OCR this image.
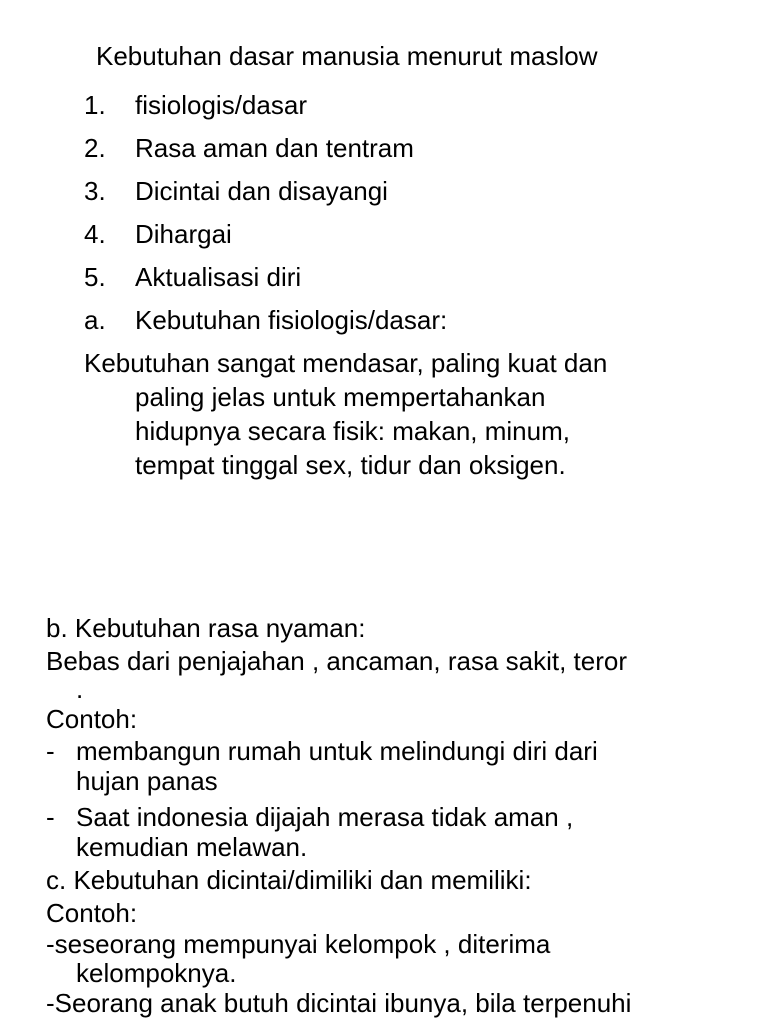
Kebutuhan dasar manusia menurut maslow
1. fisiologis/dasar
2. Rasa aman dan tentram
3. Dicintai dan disayangi
4. Dihargai
5. Aktualisasi diri
a. Kebutuhan fisiologis/dasar:
Kebutuhan sangat mendasar, paling kuat dan
paling jelas untuk mempertahankan
hidupnya secara fisik: makan, minum,
tempat tinggal sex, tidur dan oksigen.
b. Kebutuhan rasa nyaman:
Bebas dari penjajahan , ancaman, rasa sakit, teror
.
Contoh:
- membangun rumah untuk melindungi diri dari
hujan panas
- Saat indonesia dijajah merasa tidak aman ,
kemudian melawan.
c. Kebutuhan dicintai/dimiliki dan memiliki:
Contoh:
-seseorang mempunyai kelompok , diterima
kelompoknya.
-Seorang anak butuh dicintai ibunya, bila terpenuhi
